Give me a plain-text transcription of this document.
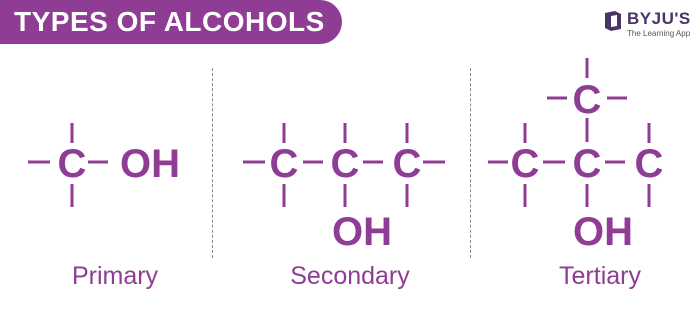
TYPES OF ALCOHOLS	BYJU'S
The Learning App
C OH C C C
OH
C
C C C
OH
Primary	Secondary	Tertiary
